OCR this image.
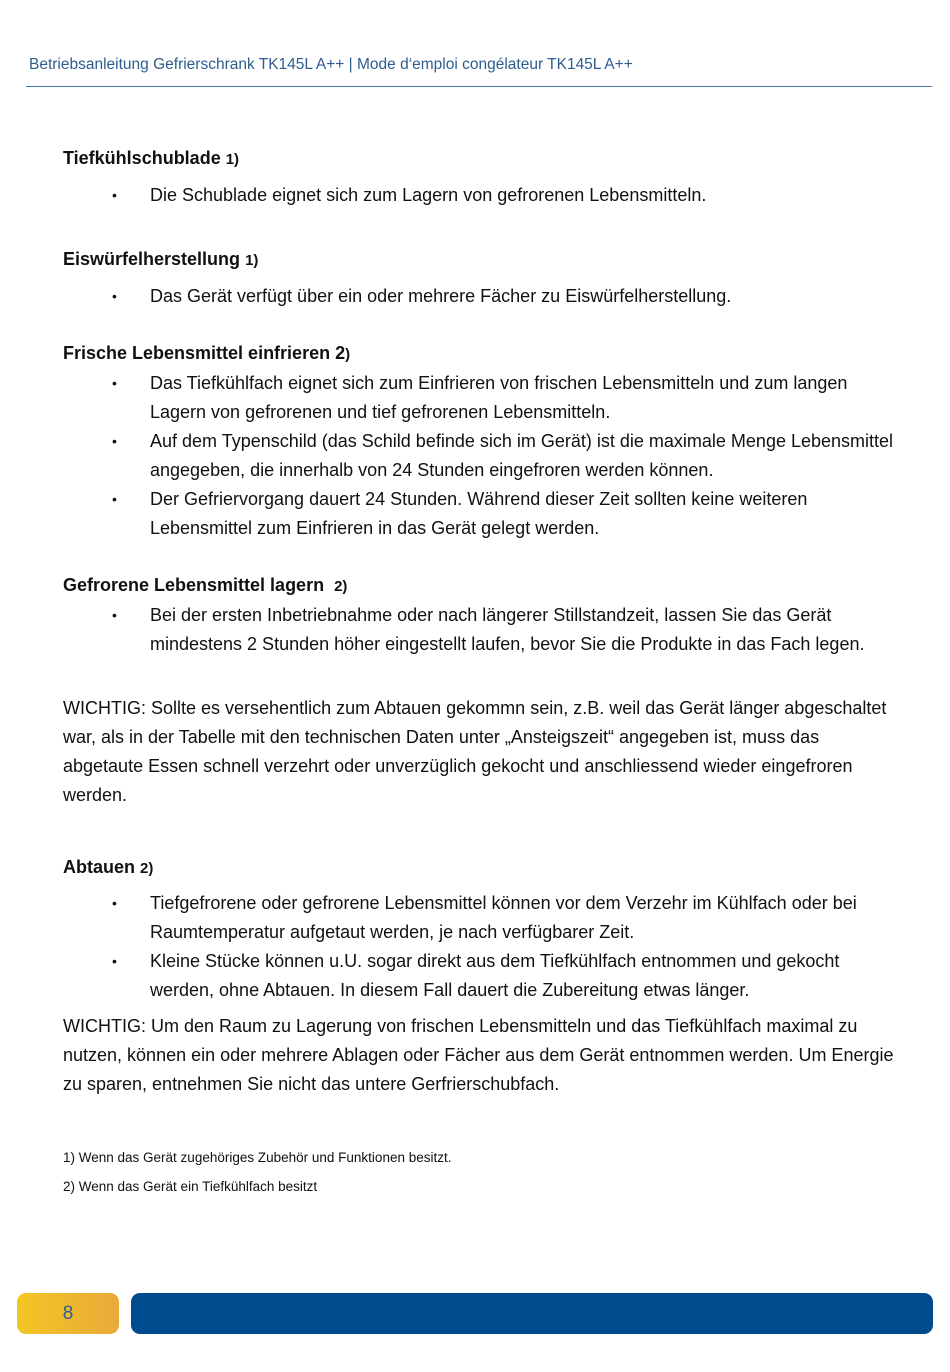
Betriebsanleitung Gefrierschrank TK145L A++ | Mode d‘emploi congélateur TK145L A++
Tiefkühlschublade 1)
• Die Schublade eignet sich zum Lagern von gefrorenen Lebensmitteln.
Eiswürfelherstellung 1)
• Das Gerät verfügt über ein oder mehrere Fächer zu Eiswürfelherstellung.
Frische Lebensmittel einfrieren 2)
• Das Tiefkühlfach eignet sich zum Einfrieren von frischen Lebensmitteln und zum langen Lagern von gefrorenen und tief gefrorenen Lebensmitteln.
• Auf dem Typenschild (das Schild befinde sich im Gerät) ist die maximale Menge Lebensmittel angegeben, die innerhalb von 24 Stunden eingefroren werden können.
• Der Gefriervorgang dauert 24 Stunden. Während dieser Zeit sollten keine weiteren Lebensmittel zum Einfrieren in das Gerät gelegt werden.
Gefrorene Lebensmittel lagern 2)
• Bei der ersten Inbetriebnahme oder nach längerer Stillstandzeit, lassen Sie das Gerät mindestens 2 Stunden höher eingestellt laufen, bevor Sie die Produkte in das Fach legen.
WICHTIG: Sollte es versehentlich zum Abtauen gekommn sein, z.B. weil das Gerät länger abgeschaltet war, als in der Tabelle mit den technischen Daten unter „Ansteigszeit“ angegeben ist, muss das abgetaute Essen schnell verzehrt oder unverzüglich gekocht und anschliessend wieder eingefroren werden.
Abtauen 2)
• Tiefgefrorene oder gefrorene Lebensmittel können vor dem Verzehr im Kühlfach oder bei Raumtemperatur aufgetaut werden, je nach verfügbarer Zeit.
• Kleine Stücke können u.U. sogar direkt aus dem Tiefkühlfach entnommen und gekocht werden, ohne Abtauen. In diesem Fall dauert die Zubereitung etwas länger.
WICHTIG: Um den Raum zu Lagerung von frischen Lebensmitteln und das Tiefkühlfach maximal zu nutzen, können ein oder mehrere Ablagen oder Fächer aus dem Gerät entnommen werden. Um Energie zu sparen, entnehmen Sie nicht das untere Gerfrierschubfach.
1) Wenn das Gerät zugehöriges Zubehör und Funktionen besitzt.
2) Wenn das Gerät ein Tiefkühlfach besitzt
8
